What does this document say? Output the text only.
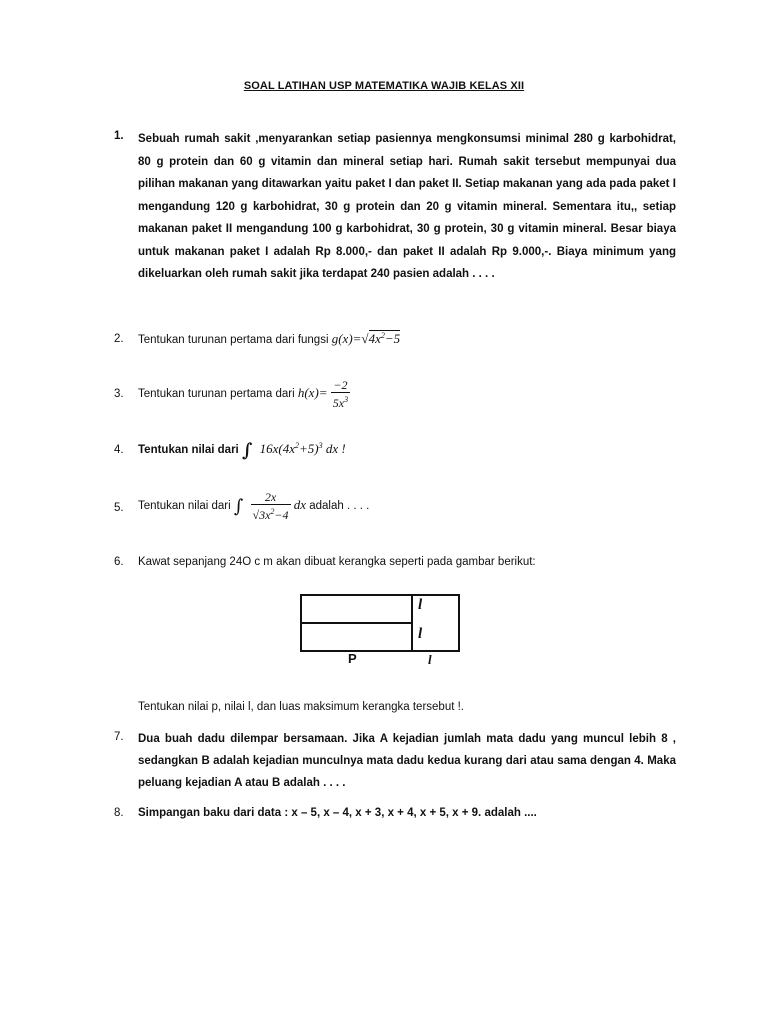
SOAL LATIHAN USP MATEMATIKA WAJIB KELAS XII
1. Sebuah rumah sakit ,menyarankan setiap pasiennya mengkonsumsi minimal 280 g karbohidrat, 80 g protein dan 60 g vitamin dan mineral setiap hari. Rumah sakit tersebut mempunyai dua pilihan makanan yang ditawarkan yaitu paket I dan paket II. Setiap makanan yang ada pada paket I mengandung 120 g karbohidrat, 30 g protein dan 20 g vitamin mineral. Sementara itu,, setiap makanan paket II mengandung 100 g karbohidrat, 30 g protein, 30 g vitamin mineral. Besar biaya untuk makanan paket I adalah Rp 8.000,- dan paket II adalah Rp 9.000,-. Biaya minimum yang dikeluarkan oleh rumah sakit jika terdapat 240 pasien adalah . . . .
2. Tentukan turunan pertama dari fungsi $g(x)=√4x^2-5$
3. Tentukan turunan pertama dari $h(x)= \frac{-2}{5x^3}$
4. Tentukan nilai dari ∫ $16x(4x^2+5)^3$ dx !
5. Tentukan nilai dari ∫ $\frac{2x}{√3x^2-4}$ dx adalah . . . .
6. Kawat sepanjang 24O c m akan dibuat kerangka seperti pada gambar berikut:
l
l
P	l
Tentukan nilai p, nilai l, dan luas maksimum kerangka tersebut !.
7. Dua buah dadu dilempar bersamaan. Jika A kejadian jumlah mata dadu yang muncul lebih 8 , sedangkan B adalah kejadian munculnya mata dadu kedua kurang dari atau sama dengan 4. Maka peluang kejadian A atau B adalah . . . .
8. Simpangan baku dari data : x – 5, x – 4, x + 3, x + 4, x + 5, x + 9. adalah ....
